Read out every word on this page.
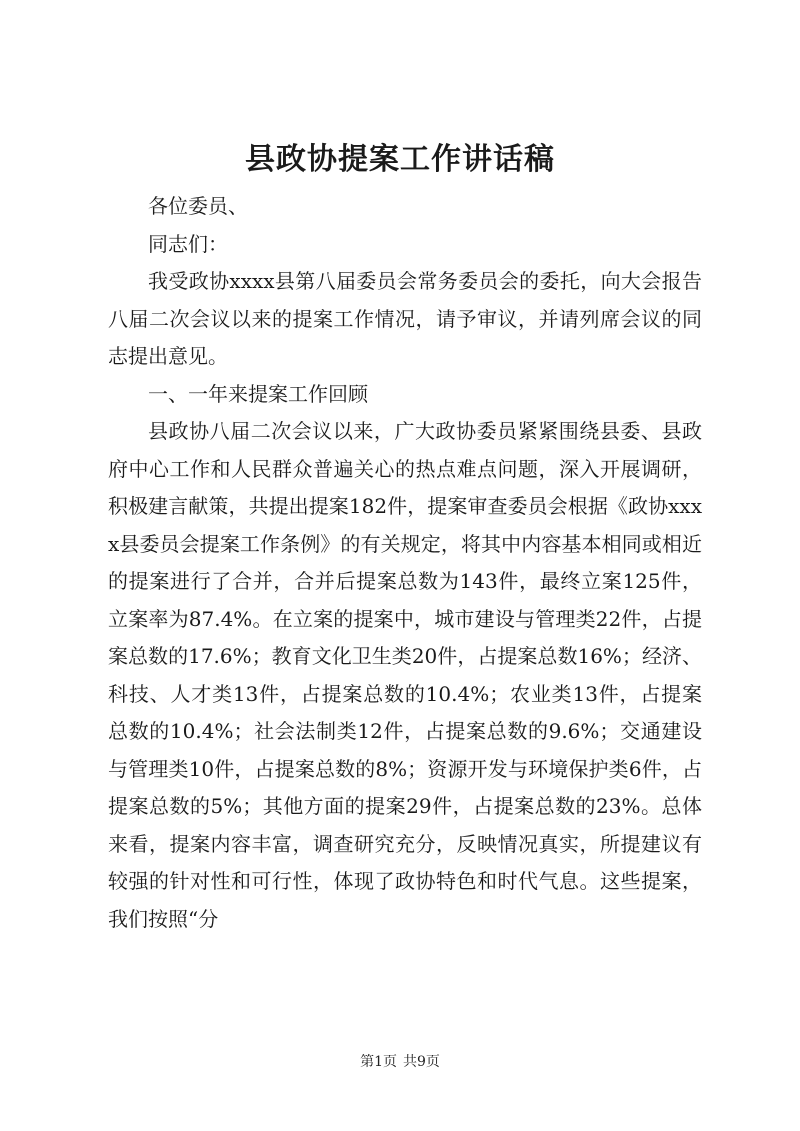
县政协提案工作讲话稿

各位委员、

同志们：

我受政协xxxx县第八届委员会常务委员会的委托，向大会报告八届二次会议以来的提案工作情况，请予审议，并请列席会议的同志提出意见。

一、一年来提案工作回顾

县政协八届二次会议以来，广大政协委员紧紧围绕县委、县政府中心工作和人民群众普遍关心的热点难点问题，深入开展调研，积极建言献策，共提出提案182件，提案审查委员会根据《政协xxxx县委员会提案工作条例》的有关规定，将其中内容基本相同或相近的提案进行了合并，合并后提案总数为143件，最终立案125件，立案率为87.4%。在立案的提案中，城市建设与管理类22件，占提案总数的17.6%；教育文化卫生类20件，占提案总数16%；经济、科技、人才类13件，占提案总数的10.4%；农业类13件，占提案总数的10.4%；社会法制类12件，占提案总数的9.6%；交通建设与管理类10件，占提案总数的8%；资源开发与环境保护类6件，占提案总数的5%；其他方面的提案29件，占提案总数的23%。总体来看，提案内容丰富，调查研究充分，反映情况真实，所提建议有较强的针对性和可行性，体现了政协特色和时代气息。这些提案，我们按照“分

第1页 共9页
